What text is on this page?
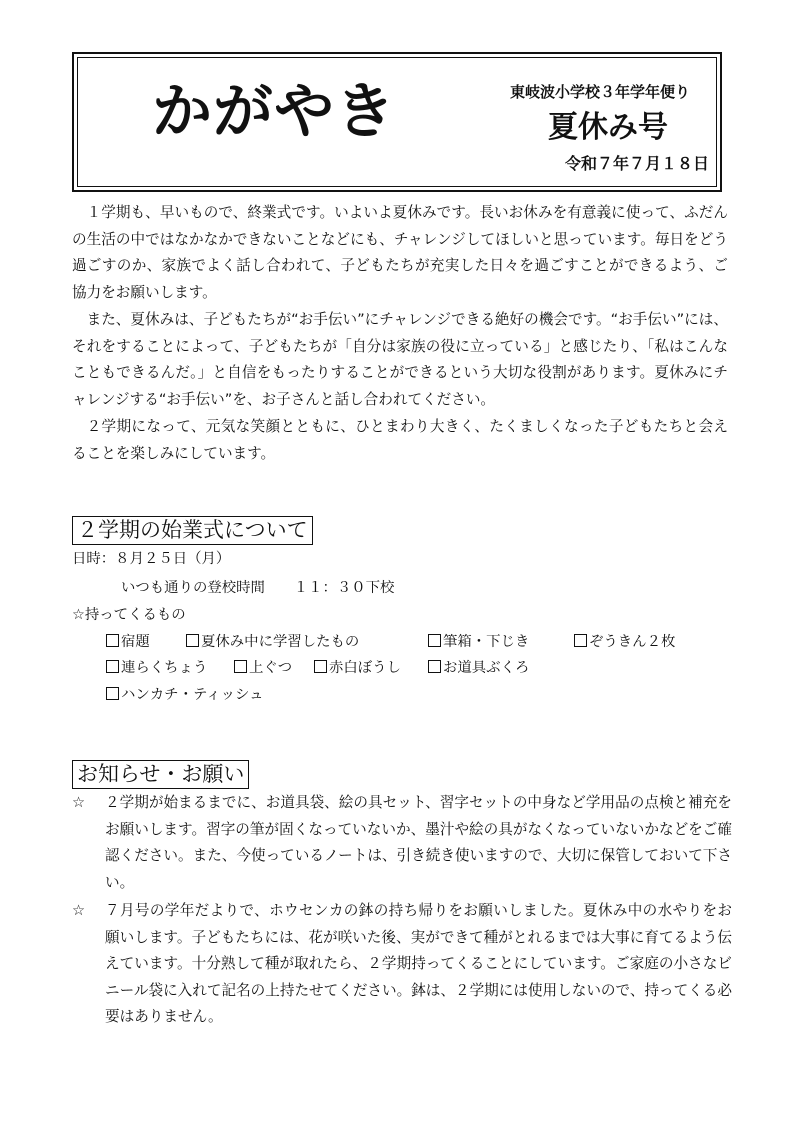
かがやき	東岐波小学校３年学年便り
夏休み号
令和７年７月１８日

１学期も、早いもので、終業式です。いよいよ夏休みです。長いお休みを有意義に使って、ふだんの生活の中ではなかなかできないことなどにも、チャレンジしてほしいと思っています。毎日をどう過ごすのか、家族でよく話し合われて、子どもたちが充実した日々を過ごすことができるよう、ご協力をお願いします。

また、夏休みは、子どもたちが“お手伝い”にチャレンジできる絶好の機会です。“お手伝い”には、それをすることによって、子どもたちが「自分は家族の役に立っている」と感じたり、「私はこんなこともできるんだ。」と自信をもったりすることができるという大切な役割があります。夏休みにチャレンジする“お手伝い”を、お子さんと話し合われてください。

２学期になって、元気な笑顔とともに、ひとまわり大きく、たくましくなった子どもたちと会えることを楽しみにしています。

２学期の始業式について
日時：８月２５日（月）
いつも通りの登校時間　　１１：３０下校
☆持ってくるもの
宿題	夏休み中に学習したもの	筆箱・下じき	ぞうきん２枚
連らくちょう	上ぐつ	赤白ぼうし	お道具ぶくろ
ハンカチ・ティッシュ
お知らせ・お願い
☆ ２学期が始まるまでに、お道具袋、絵の具セット、習字セットの中身など学用品の点検と補充をお願いします。習字の筆が固くなっていないか、墨汁や絵の具がなくなっていないかなどをご確認ください。また、今使っているノートは、引き続き使いますので、大切に保管しておいて下さい。
☆ ７月号の学年だよりで、ホウセンカの鉢の持ち帰りをお願いしました。夏休み中の水やりをお願いします。子どもたちには、花が咲いた後、実ができて種がとれるまでは大事に育てるよう伝えています。十分熟して種が取れたら、２学期持ってくることにしています。ご家庭の小さなビニール袋に入れて記名の上持たせてください。鉢は、２学期には使用しないので、持ってくる必要はありません。
